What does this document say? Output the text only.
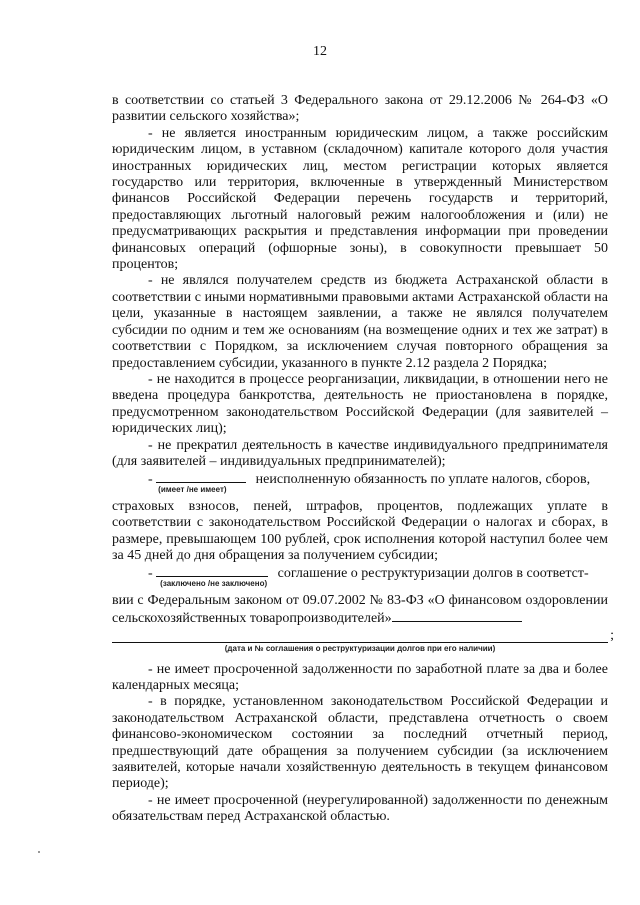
12

в соответствии со статьей 3 Федерального закона от 29.12.2006 № 264-ФЗ «О развитии сельского хозяйства»;

- не является иностранным юридическим лицом, а также российским юридическим лицом, в уставном (складочном) капитале которого доля участия иностранных юридических лиц, местом регистрации которых является государство или территория, включенные в утвержденный Министерством финансов Российской Федерации перечень государств и территорий, предоставляющих льготный налоговый режим налогообложения и (или) не предусматривающих раскрытия и представления информации при проведении финансовых операций (офшорные зоны), в совокупности превышает 50 процентов;

- не являлся получателем средств из бюджета Астраханской области в соответствии с иными нормативными правовыми актами Астраханской области на цели, указанные в настоящем заявлении, а также не являлся получателем субсидии по одним и тем же основаниям (на возмещение одних и тех же затрат) в соответствии с Порядком, за исключением случая повторного обращения за предоставлением субсидии, указанного в пункте 2.12 раздела 2 Порядка;

- не находится в процессе реорганизации, ликвидации, в отношении него не введена процедура банкротства, деятельность не приостановлена в порядке, предусмотренном законодательством Российской Федерации (для заявителей – юридических лиц);

- не прекратил деятельность в качестве индивидуального предпринимателя (для заявителей – индивидуальных предпринимателей);

-
(имеет /не имеет)
неисполненную обязанность по уплате налогов, сборов,

страховых взносов, пеней, штрафов, процентов, подлежащих уплате в соответствии с законодательством Российской Федерации о налогах и сборах, в размере, превышающем 100 рублей, срок исполнения которой наступил более чем за 45 дней до дня обращения за получением субсидии;

-
(заключено /не заключено)
соглашение о реструктуризации долгов в соответст-

вии с Федеральным законом от 09.07.2002 № 83-ФЗ «О финансовом оздоровлении сельскохозяйственных товаропроизводителей»

;
(дата и № соглашения о реструктуризации долгов при его наличии)

- не имеет просроченной задолженности по заработной плате за два и более календарных месяца;

- в порядке, установленном законодательством Российской Федерации и законодательством Астраханской области, представлена отчетность о своем финансово-экономическом состоянии за последний отчетный период, предшествующий дате обращения за получением субсидии (за исключением заявителей, которые начали хозяйственную деятельность в текущем финансовом периоде);

- не имеет просроченной (неурегулированной) задолженности по денежным обязательствам перед Астраханской областью.
